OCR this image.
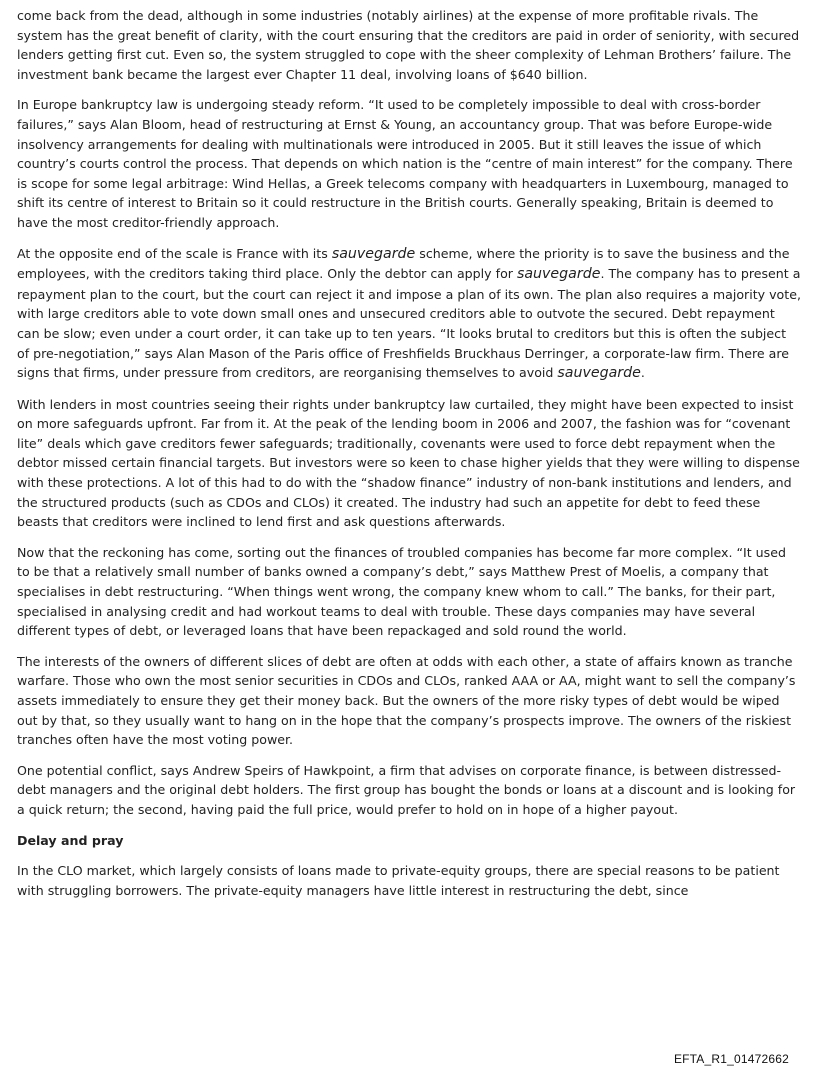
come back from the dead, although in some industries (notably airlines) at the expense of more profitable rivals. The system has the great benefit of clarity, with the court ensuring that the creditors are paid in order of seniority, with secured lenders getting first cut. Even so, the system struggled to cope with the sheer complexity of Lehman Brothers’ failure. The investment bank became the largest ever Chapter 11 deal, involving loans of $640 billion.

In Europe bankruptcy law is undergoing steady reform. “It used to be completely impossible to deal with cross-border failures,” says Alan Bloom, head of restructuring at Ernst & Young, an accountancy group. That was before Europe-wide insolvency arrangements for dealing with multinationals were introduced in 2005. But it still leaves the issue of which country’s courts control the process. That depends on which nation is the “centre of main interest” for the company. There is scope for some legal arbitrage: Wind Hellas, a Greek telecoms company with headquarters in Luxembourg, managed to shift its centre of interest to Britain so it could restructure in the British courts. Generally speaking, Britain is deemed to have the most creditor-friendly approach.

At the opposite end of the scale is France with its sauvegarde scheme, where the priority is to save the business and the employees, with the creditors taking third place. Only the debtor can apply for sauvegarde. The company has to present a repayment plan to the court, but the court can reject it and impose a plan of its own. The plan also requires a majority vote, with large creditors able to vote down small ones and unsecured creditors able to outvote the secured. Debt repayment can be slow; even under a court order, it can take up to ten years. “It looks brutal to creditors but this is often the subject of pre-negotiation,” says Alan Mason of the Paris office of Freshfields Bruckhaus Derringer, a corporate-law firm. There are signs that firms, under pressure from creditors, are reorganising themselves to avoid sauvegarde.

With lenders in most countries seeing their rights under bankruptcy law curtailed, they might have been expected to insist on more safeguards upfront. Far from it. At the peak of the lending boom in 2006 and 2007, the fashion was for “covenant lite” deals which gave creditors fewer safeguards; traditionally, covenants were used to force debt repayment when the debtor missed certain financial targets. But investors were so keen to chase higher yields that they were willing to dispense with these protections. A lot of this had to do with the “shadow finance” industry of non-bank institutions and lenders, and the structured products (such as CDOs and CLOs) it created. The industry had such an appetite for debt to feed these beasts that creditors were inclined to lend first and ask questions afterwards.

Now that the reckoning has come, sorting out the finances of troubled companies has become far more complex. “It used to be that a relatively small number of banks owned a company’s debt,” says Matthew Prest of Moelis, a company that specialises in debt restructuring. “When things went wrong, the company knew whom to call.” The banks, for their part, specialised in analysing credit and had workout teams to deal with trouble. These days companies may have several different types of debt, or leveraged loans that have been repackaged and sold round the world.

The interests of the owners of different slices of debt are often at odds with each other, a state of affairs known as tranche warfare. Those who own the most senior securities in CDOs and CLOs, ranked AAA or AA, might want to sell the company’s assets immediately to ensure they get their money back. But the owners of the more risky types of debt would be wiped out by that, so they usually want to hang on in the hope that the company’s prospects improve. The owners of the riskiest tranches often have the most voting power.

One potential conflict, says Andrew Speirs of Hawkpoint, a firm that advises on corporate finance, is between distressed-debt managers and the original debt holders. The first group has bought the bonds or loans at a discount and is looking for a quick return; the second, having paid the full price, would prefer to hold on in hope of a higher payout.

Delay and pray

In the CLO market, which largely consists of loans made to private-equity groups, there are special reasons to be patient with struggling borrowers. The private-equity managers have little interest in restructuring the debt, since

EFTA_R1_01472662
